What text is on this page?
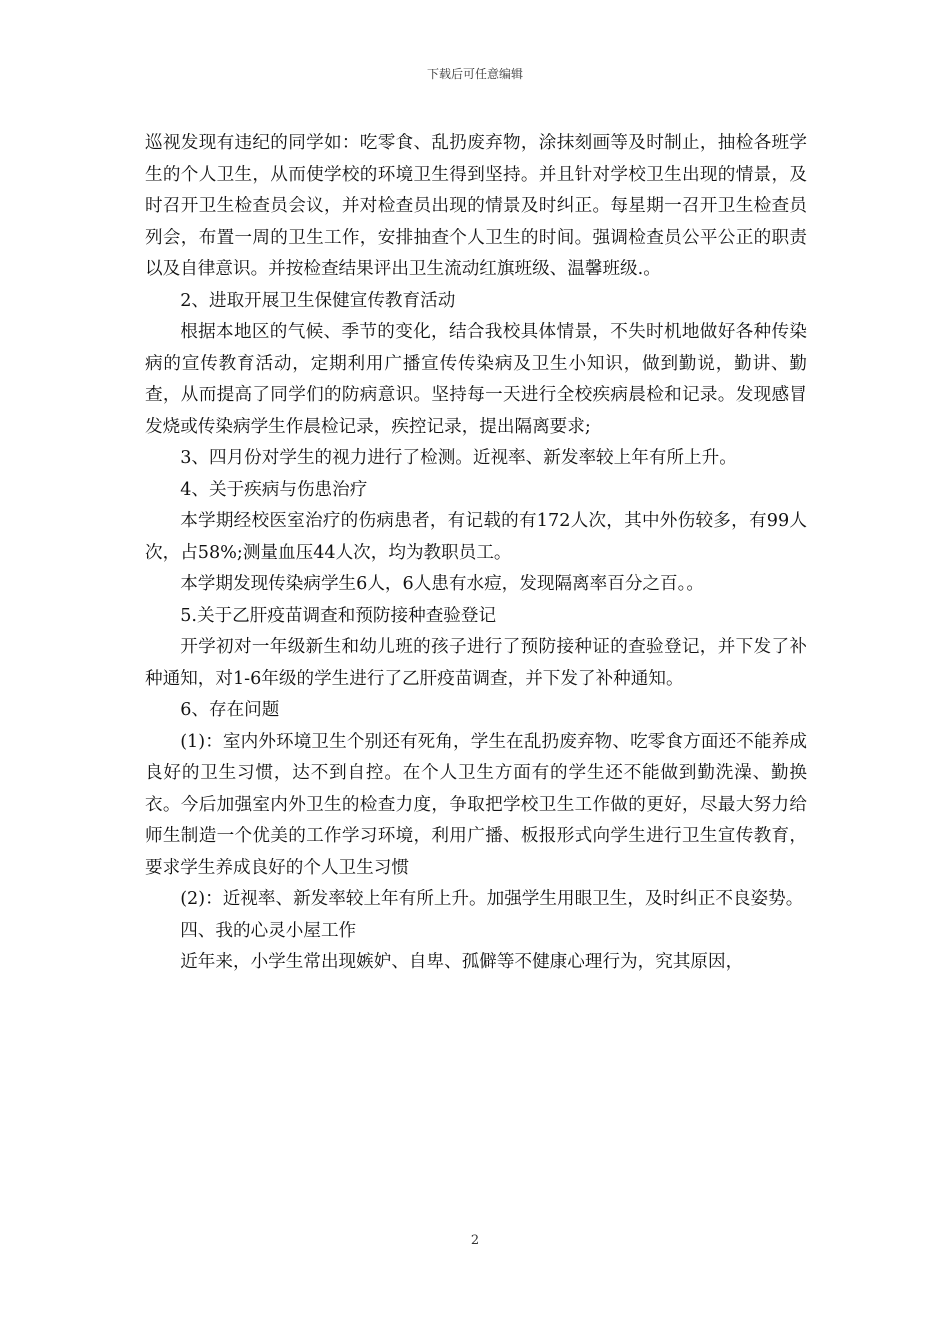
下载后可任意编辑

巡视发现有违纪的同学如：吃零食、乱扔废弃物，涂抹刻画等及时制止，抽检各班学生的个人卫生，从而使学校的环境卫生得到坚持。并且针对学校卫生出现的情景，及时召开卫生检查员会议，并对检查员出现的情景及时纠正。每星期一召开卫生检查员列会，布置一周的卫生工作，安排抽查个人卫生的时间。强调检查员公平公正的职责以及自律意识。并按检查结果评出卫生流动红旗班级、温馨班级.。

2、进取开展卫生保健宣传教育活动

根据本地区的气候、季节的变化，结合我校具体情景，不失时机地做好各种传染病的宣传教育活动，定期利用广播宣传传染病及卫生小知识，做到勤说，勤讲、勤查，从而提高了同学们的防病意识。坚持每一天进行全校疾病晨检和记录。发现感冒发烧或传染病学生作晨检记录，疾控记录，提出隔离要求;

3、四月份对学生的视力进行了检测。近视率、新发率较上年有所上升。

4、关于疾病与伤患治疗

本学期经校医室治疗的伤病患者，有记载的有172人次，其中外伤较多，有99人次，占58%;测量血压44人次，均为教职员工。

本学期发现传染病学生6人，6人患有水痘，发现隔离率百分之百。。

5.关于乙肝疫苗调查和预防接种查验登记

开学初对一年级新生和幼儿班的孩子进行了预防接种证的查验登记，并下发了补种通知，对1-6年级的学生进行了乙肝疫苗调查，并下发了补种通知。

6、存在问题

(1)：室内外环境卫生个别还有死角，学生在乱扔废弃物、吃零食方面还不能养成良好的卫生习惯，达不到自控。在个人卫生方面有的学生还不能做到勤洗澡、勤换衣。今后加强室内外卫生的检查力度，争取把学校卫生工作做的更好，尽最大努力给师生制造一个优美的工作学习环境，利用广播、板报形式向学生进行卫生宣传教育，要求学生养成良好的个人卫生习惯

(2)：近视率、新发率较上年有所上升。加强学生用眼卫生，及时纠正不良姿势。

四、我的心灵小屋工作

近年来，小学生常出现嫉妒、自卑、孤僻等不健康心理行为，究其原因，

2
